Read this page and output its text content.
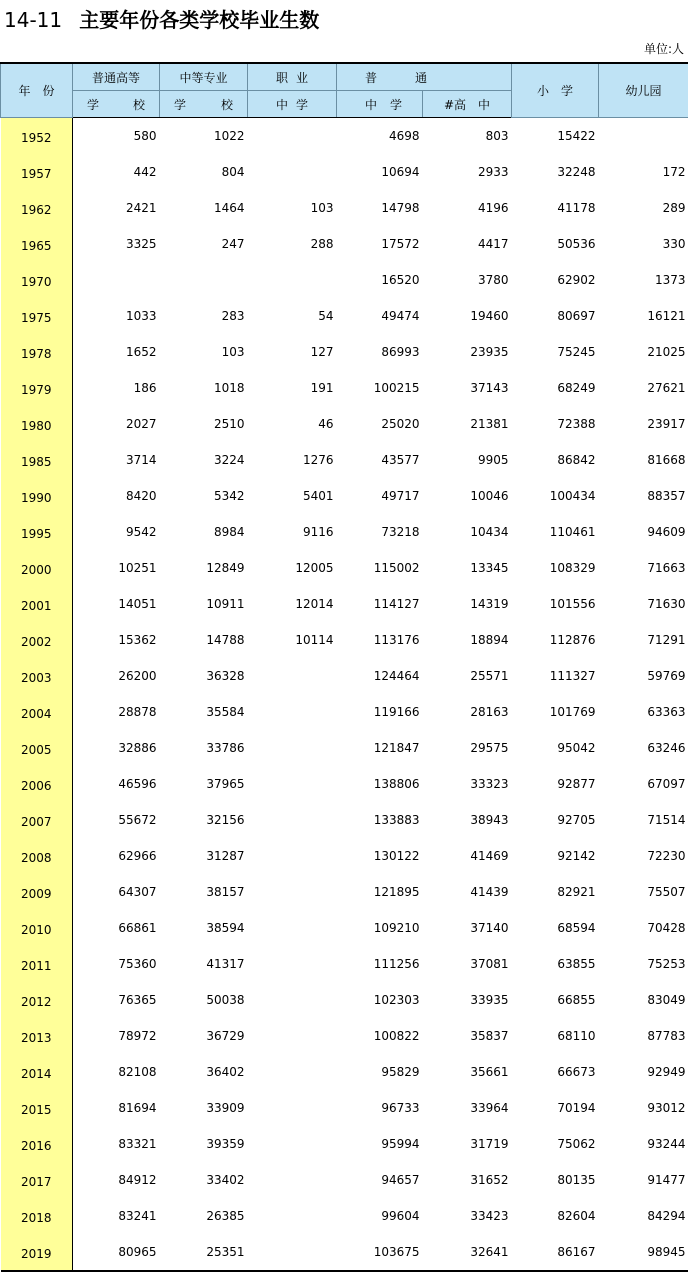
14-11 主要年份各类学校毕业生数
单位:人
年　份	普通高等	中等专业	职 业	普 通		小　学	幼儿园

	学 校	学 校	中 学	中 学	#高　中		

1952	580	1022		4698	803	15422	
1957	442	804		10694	2933	32248	172
1962	2421	1464	103	14798	4196	41178	289
1965	3325	247	288	17572	4417	50536	330
1970				16520	3780	62902	1373
1975	1033	283	54	49474	19460	80697	16121
1978	1652	103	127	86993	23935	75245	21025
1979	186	1018	191	100215	37143	68249	27621
1980	2027	2510	46	25020	21381	72388	23917
1985	3714	3224	1276	43577	9905	86842	81668
1990	8420	5342	5401	49717	10046	100434	88357
1995	9542	8984	9116	73218	10434	110461	94609
2000	10251	12849	12005	115002	13345	108329	71663
2001	14051	10911	12014	114127	14319	101556	71630
2002	15362	14788	10114	113176	18894	112876	71291
2003	26200	36328		124464	25571	111327	59769
2004	28878	35584		119166	28163	101769	63363
2005	32886	33786		121847	29575	95042	63246
2006	46596	37965		138806	33323	92877	67097
2007	55672	32156		133883	38943	92705	71514
2008	62966	31287		130122	41469	92142	72230
2009	64307	38157		121895	41439	82921	75507
2010	66861	38594		109210	37140	68594	70428
2011	75360	41317		111256	37081	63855	75253
2012	76365	50038		102303	33935	66855	83049
2013	78972	36729		100822	35837	68110	87783
2014	82108	36402		95829	35661	66673	92949
2015	81694	33909		96733	33964	70194	93012
2016	83321	39359		95994	31719	75062	93244
2017	84912	33402		94657	31652	80135	91477
2018	83241	26385		99604	33423	82604	84294
2019	80965	25351		103675	32641	86167	98945
